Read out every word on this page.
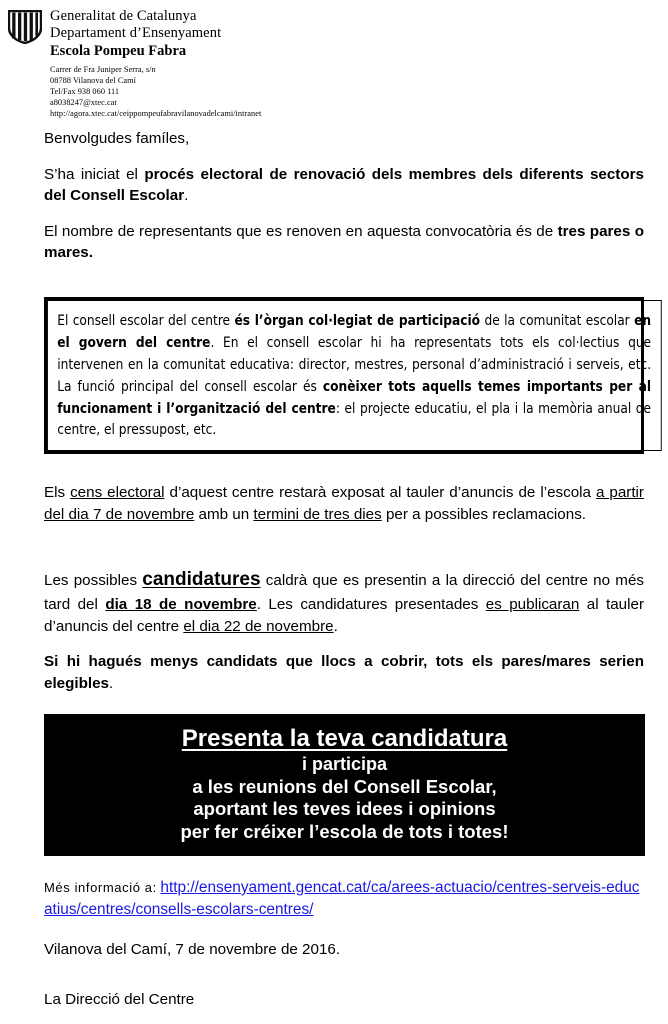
Generalitat de Catalunya
Departament d’Ensenyament
Escola Pompeu Fabra
Carrer de Fra Juniper Serra, s/n
08788 Vilanova del Camí
Tel/Fax 938 060 111
a8038247@xtec.cat
http://agora.xtec.cat/ceippompeufabravilanovadelcami/intranet

Benvolgudes famíles,

S’ha iniciat el procés electoral de renovació dels membres dels diferents sectors del Consell Escolar.

El nombre de representants que es renoven en aquesta convocatòria és de tres pares o mares.

El consell escolar del centre és l’òrgan col·legiat de participació de la comunitat escolar en el govern del centre. En el consell escolar hi ha representats tots els col·lectius que intervenen en la comunitat educativa: director, mestres, personal d’administració i serveis, etc. La funció principal del consell escolar és conèixer tots aquells temes importants per al funcionament i l’organització del centre: el projecte educatiu, el pla i la memòria anual de centre, el pressupost, etc.

Els cens electoral d’aquest centre restarà exposat al tauler d’anuncis de l’escola a partir del dia 7 de novembre amb un termini de tres dies per a possibles reclamacions.

Les possibles candidatures caldrà que es presentin a la direcció del centre no més tard del dia 18 de novembre. Les candidatures presentades es publicaran al tauler d’anuncis del centre el dia 22 de novembre.

Si hi hagués menys candidats que llocs a cobrir, tots els pares/mares serien elegibles.

Presenta la teva candidatura
i participa
a les reunions del Consell Escolar,
aportant les teves idees i opinions
per fer créixer l’escola de tots i totes!
Més informació a: http://ensenyament.gencat.cat/ca/arees-actuacio/centres-serveis-educatius/centres/consells-escolars-centres/
Vilanova del Camí, 7 de novembre de 2016.
La Direcció del Centre
